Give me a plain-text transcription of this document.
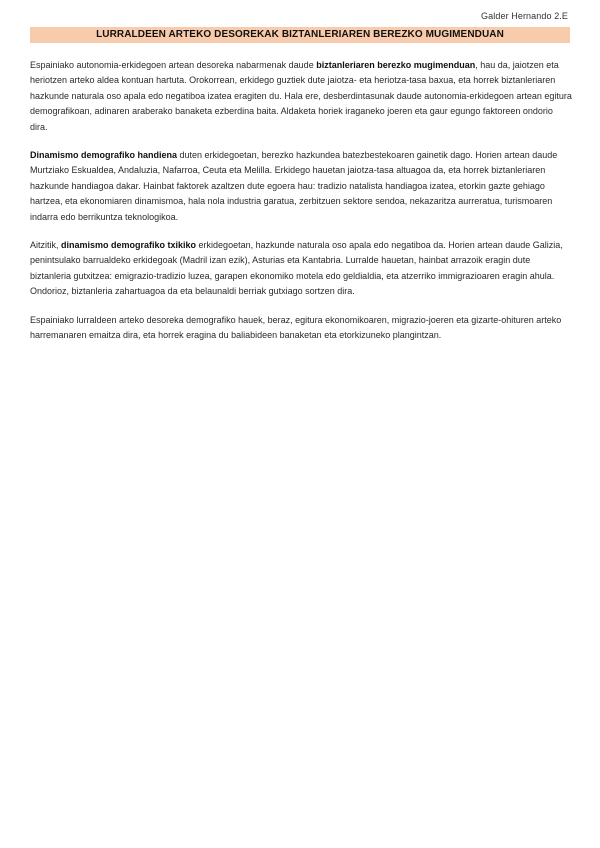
Galder Hernando 2.E
LURRALDEEN ARTEKO DESOREKAK BIZTANLERIAREN BEREZKO MUGIMENDUAN

Espainiako autonomia-erkidegoen artean desoreka nabarmenak daude biztanleriaren berezko mugimenduan, hau da, jaiotzen eta heriotzen arteko aldea kontuan hartuta. Orokorrean, erkidego guztiek dute jaiotza- eta heriotza-tasa baxua, eta horrek biztanleriaren hazkunde naturala oso apala edo negatiboa izatea eragiten du. Hala ere, desberdintasunak daude autonomia-erkidegoen artean egitura demografikoan, adinaren araberako banaketa ezberdina baita. Aldaketa horiek iraganeko joeren eta gaur egungo faktoreen ondorio dira.

Dinamismo demografiko handiena duten erkidegoetan, berezko hazkundea batezbestekoaren gainetik dago. Horien artean daude Murtziako Eskualdea, Andaluzia, Nafarroa, Ceuta eta Melilla. Erkidego hauetan jaiotza-tasa altuagoa da, eta horrek biztanleriaren hazkunde handiagoa dakar. Hainbat faktorek azaltzen dute egoera hau: tradizio natalista handiagoa izatea, etorkin gazte gehiago hartzea, eta ekonomiaren dinamismoa, hala nola industria garatua, zerbitzuen sektore sendoa, nekazaritza aurreratua, turismoaren indarra edo berrikuntza teknologikoa.

Aitzitik, dinamismo demografiko txikiko erkidegoetan, hazkunde naturala oso apala edo negatiboa da. Horien artean daude Galizia, penintsulako barrualdeko erkidegoak (Madril izan ezik), Asturias eta Kantabria. Lurralde hauetan, hainbat arrazoik eragin dute biztanleria gutxitzea: emigrazio-tradizio luzea, garapen ekonomiko motela edo geldialdia, eta atzerriko immigrazioaren eragin ahula. Ondorioz, biztanleria zahartuagoa da eta belaunaldi berriak gutxiago sortzen dira.

Espainiako lurraldeen arteko desoreka demografiko hauek, beraz, egitura ekonomikoaren, migrazio-joeren eta gizarte-ohituren arteko harremanaren emaitza dira, eta horrek eragina du baliabideen banaketan eta etorkizuneko plangintzan.
